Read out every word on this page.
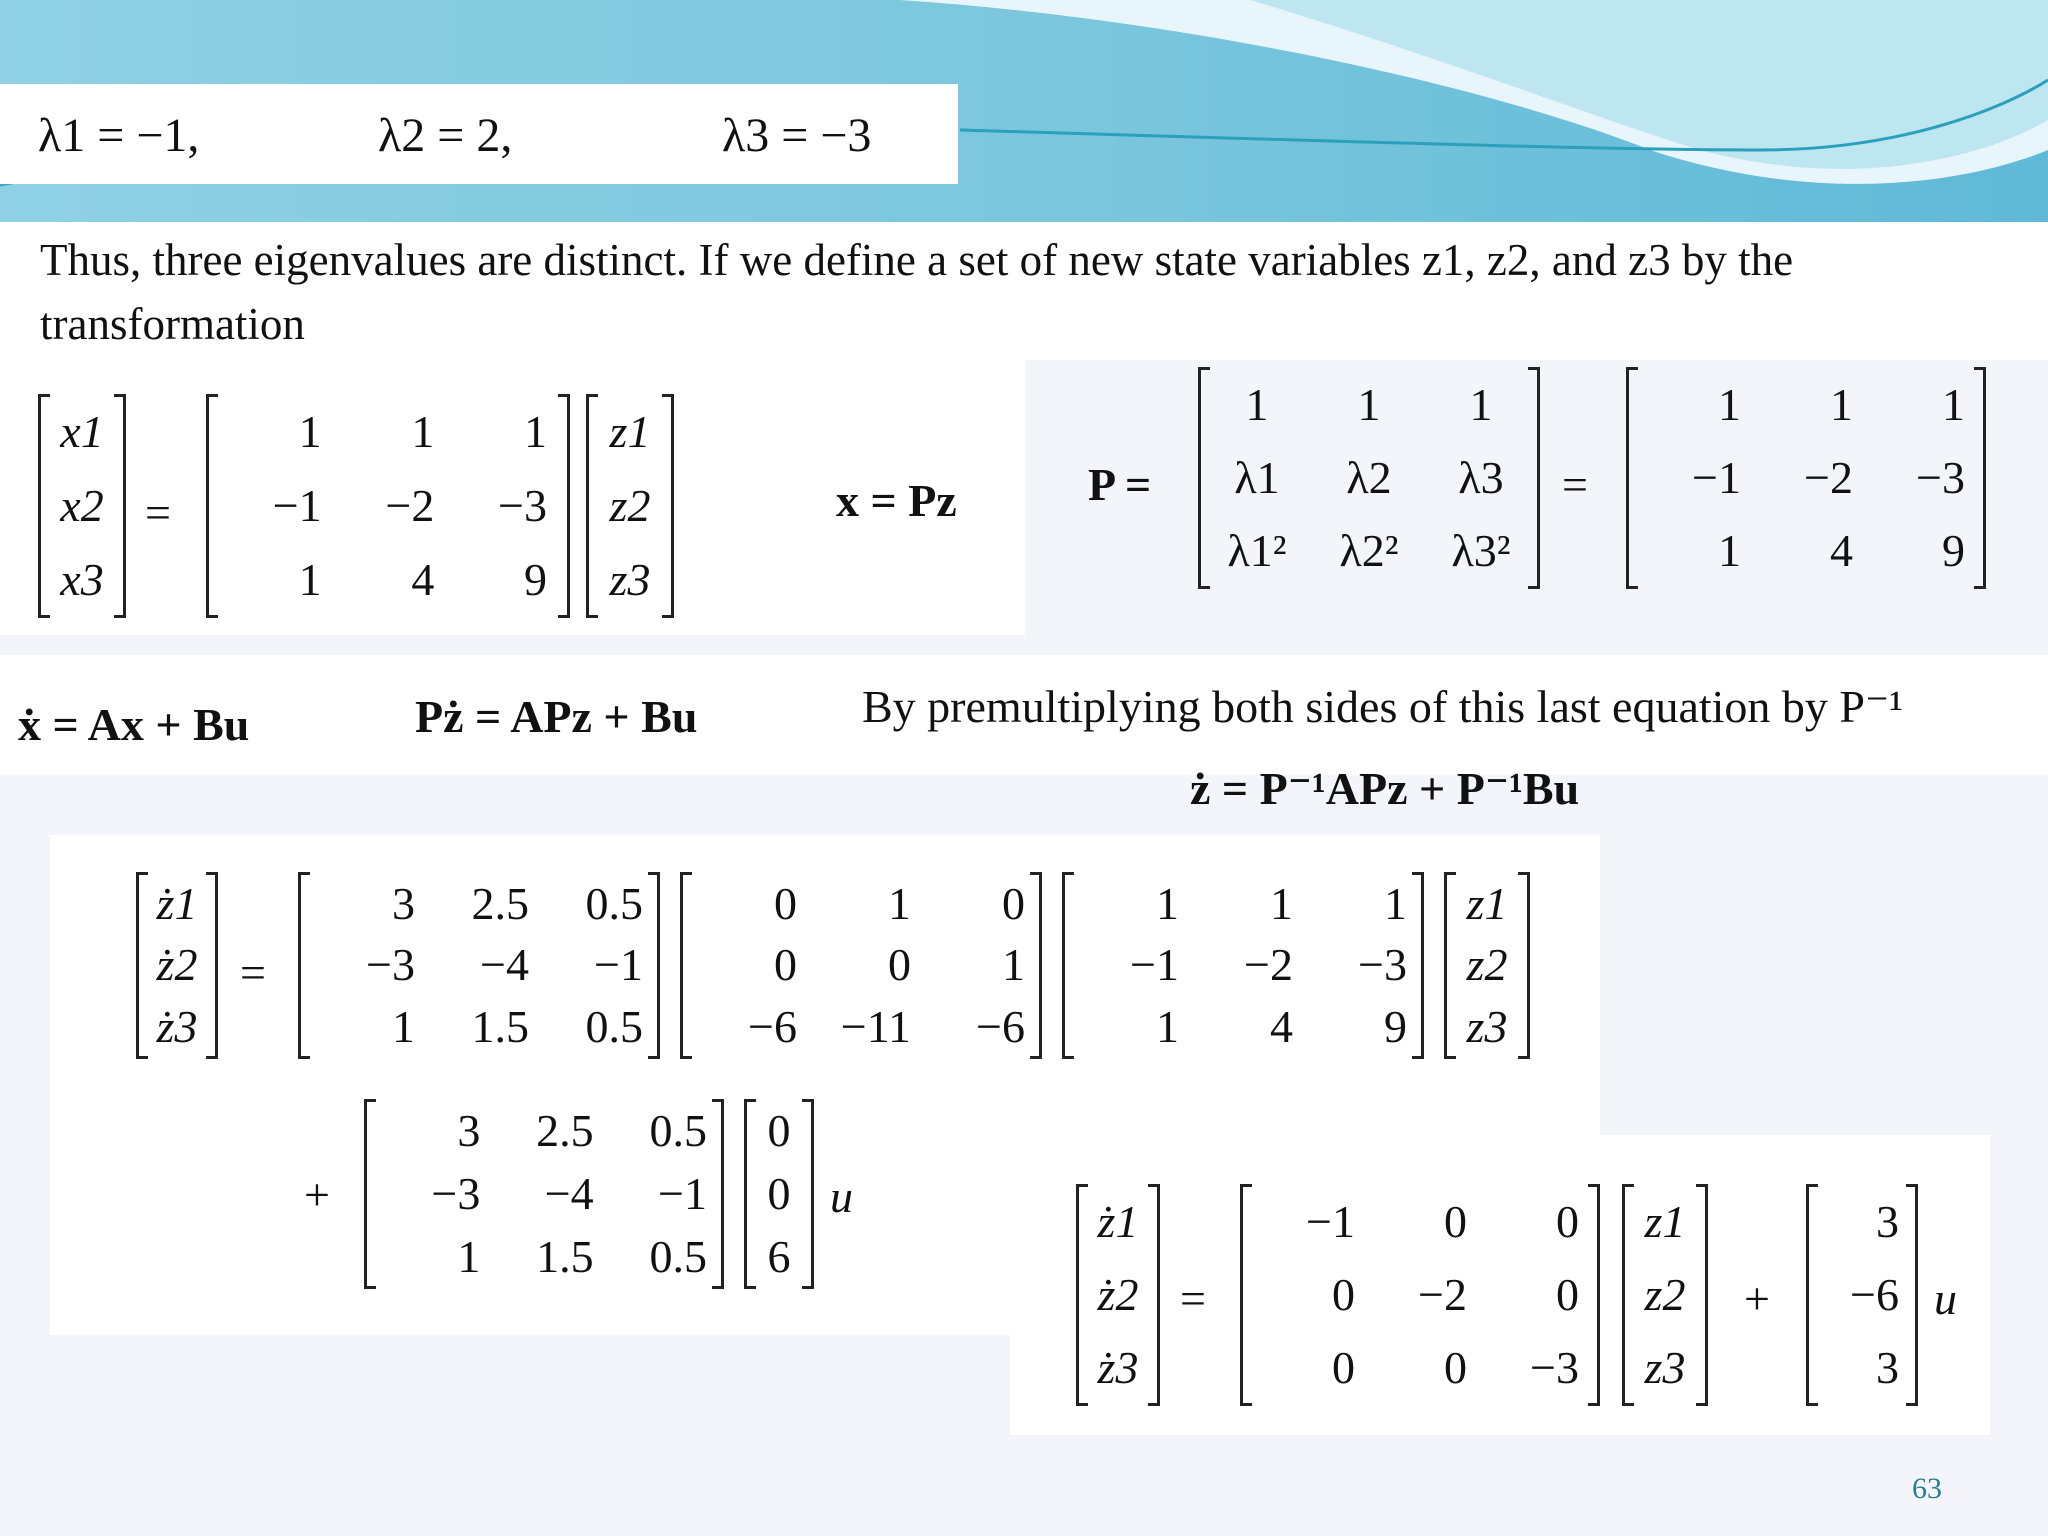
λ1 = −1,	λ2 = 2,	λ3 = −3
Thus, three eigenvalues are distinct. If we define a set of new state variables z1, z2, and z3 by the
transformation
x1
x2
x3
=
1 1 1
−1 −2 −3
1 4 9
z1
z2
z3
x = Pz	P =
1 1 1
λ1 λ2 λ3
λ1² λ2² λ3²
=
1 1 1
−1 −2 −3
1 4 9
ẋ = Ax + Bu	Pż = APz + Bu	By premultiplying both sides of this last equation by P⁻¹
ż = P⁻¹APz + P⁻¹Bu
ż1
ż2
ż3
=
3 2.5 0.5
−3 −4 −1
1 1.5 0.5
0 1 0
0 0 1
−6 −11 −6
1 1 1
−1 −2 −3
1 4 9
z1
z2
z3
+
3 2.5 0.5
−3 −4 −1
1 1.5 0.5
0
0
6
u	ż1
ż2
ż3
=
−1 0 0
0 −2 0
0 0 −3
z1
z2
z3
+
3
−6
3
u
63
